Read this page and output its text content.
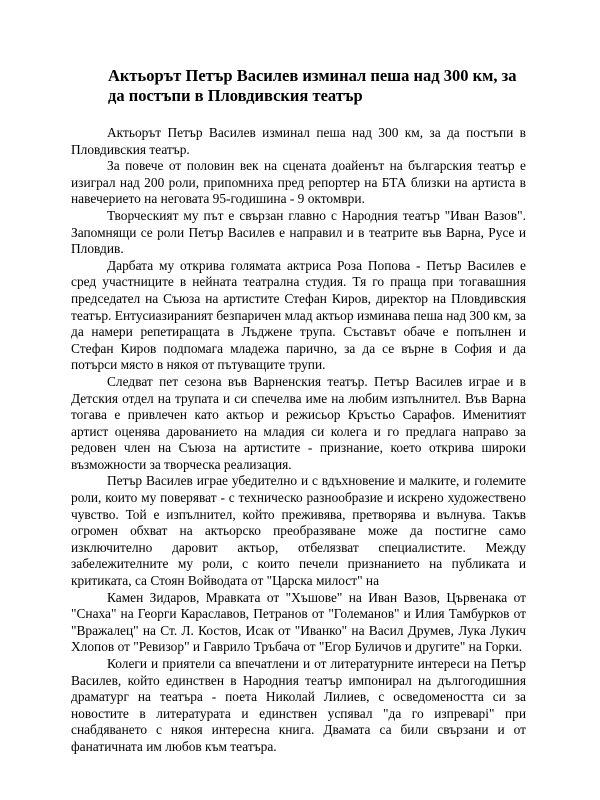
Актьорът Петър Василев изминал пеша над 300 км, за да постъпи в Пловдивския театър

Актьорът Петър Василев изминал пеша над 300 км, за да постъпи в Пловдивския театър.

За повече от половин век на сцената доайенът на българския театър е изиграл над 200 роли, припомниха пред репортер на БТА близки на артиста в навечерието на неговата 95-годишина - 9 октомври.

Творческият му път е свързан главно с Народния театър "Иван Вазов". Запомнящи се роли Петър Василев е направил и в театрите във Варна, Русе и Пловдив.

Дарбата му открива голямата актриса Роза Попова - Петър Василев е сред участниците в нейната театрална студия. Тя го праща при тогавашния председател на Съюза на артистите Стефан Киров, директор на Пловдивския театър. Ентусиазираният безпаричен млад актьор изминава пеша над 300 км, за да намери репетиращата в Лъджене трупа. Съставът обаче е попълнен и Стефан Киров подпомага младежа парично, за да се върне в София и да потърси място в някоя от пътуващите трупи.

Следват пет сезона във Варненския театър. Петър Василев играе и в Детския отдел на трупата и си спечелва име на любим изпълнител. Във Варна тогава е привлечен като актьор и режисьор Кръстьо Сарафов. Именитият артист оценява дарованието на младия си колега и го предлага направо за редовен член на Съюза на артистите - признание, което открива широки възможности за творческа реализация.

Петър Василев играе убедително и с вдъхновение и малките, и големите роли, които му поверяват - с техническо разнообразие и искрено художествено чувство. Той е изпълнител, който преживява, претворява и вълнува. Такъв огромен обхват на актьорско преобразяване може да постигне само изключително даровит актьор, отбелязват специалистите. Между забележителните му роли, с които печели признанието на публиката и критиката, са Стоян Войводата от "Царска милост" на

Камен Зидаров, Мравката от "Хъшове" на Иван Вазов, Цървенака от "Снаха" на Георги Караславов, Петранов от "Големанов" и Илия Тамбурков от "Вражалец" на Ст. Л. Костов, Исак от "Иванко" на Васил Друмев, Лука Лукич Хлопов от "Ревизор" и Гаврило Тръбача от "Егор Буличов и другите" на Горки.

Колеги и приятели са впечатлени и от литературните интереси на Петър Василев, който единствен в Народния театър импонирал на дългогодишния драматург на театъра - поета Николай Лилиев, с осведомеността си за новостите в литературата и единствен успявал "да го изпреварі" при снабдяването с някоя интересна книга. Двамата са били свързани и от фанатичната им любов към театъра.
